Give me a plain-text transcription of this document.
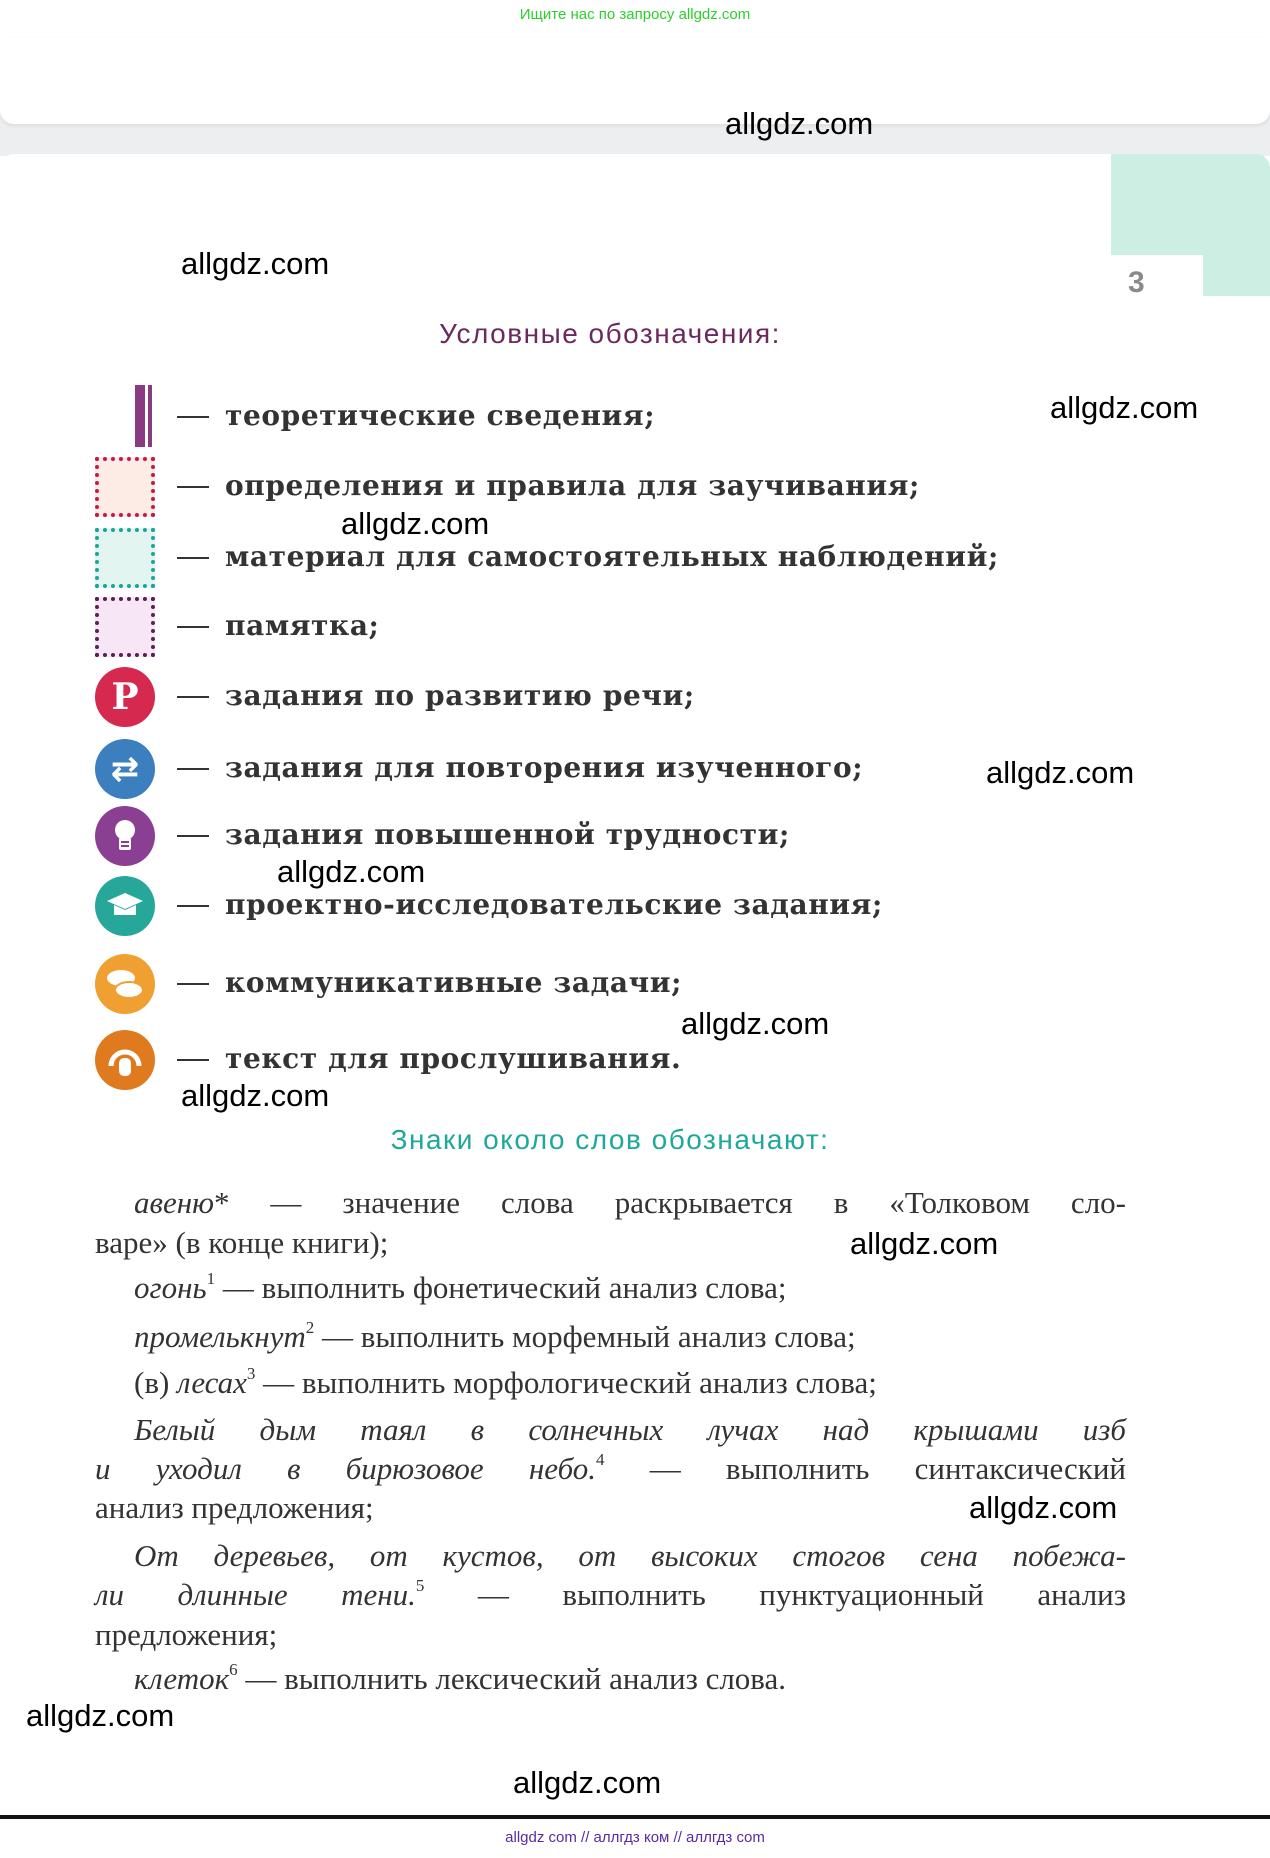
Ищите нас по запросу allgdz.com
3
Условные обозначения:
теоретические сведения;
определения и правила для заучивания;
материал для самостоятельных наблюдений;
памятка;
P	задания по развитию речи;
⇄	задания для повторения изученного;
задания повышенной трудности;
проектно-исследовательские задания;
коммуникативные задачи;
текст для прослушивания.
Знаки около слов обозначают:
авеню* — значение слова раскрывается в «Толковом сло-
варе» (в конце книги);
огонь$^1$ — выполнить фонетический анализ слова;
промелькнут$^2$ — выполнить морфемный анализ слова;
(в) лесах$^3$ — выполнить морфологический анализ слова;
Белый дым таял в солнечных лучах над крышами изб
и уходил в бирюзовое небо.$^4$ — выполнить синтаксический
анализ предложения;
От деревьев, от кустов, от высоких стогов сена побежа-
ли длинные тени.$^5$ — выполнить пунктуационный анализ
предложения;
клеток$^6$ — выполнить лексический анализ слова.
allgdz.com
allgdz.com
allgdz.com
allgdz.com
allgdz.com
allgdz.com
allgdz.com
allgdz.com
allgdz.com
allgdz.com
allgdz.com
allgdz.com
allgdz com // аллгдз ком // аллгдз com
